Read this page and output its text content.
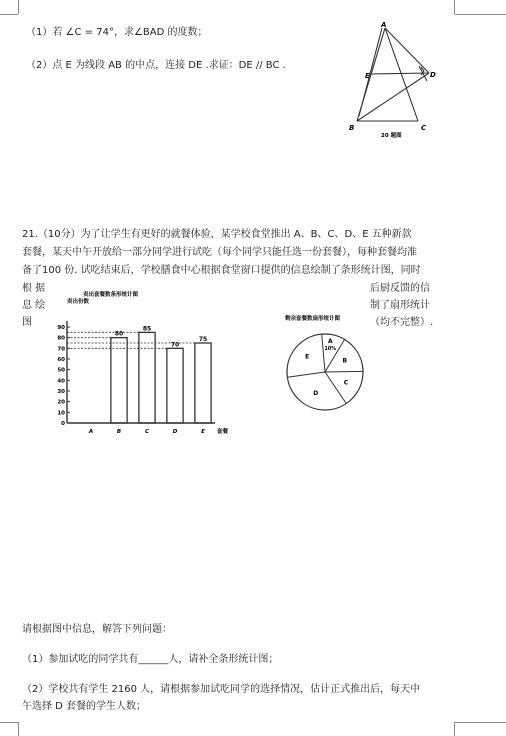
（1）若 ∠C = 74°，求∠BAD 的度数；
（2）点 E 为线段 AB 的中点，连接 DE .求证：DE // BC .
A
E	D
B	C
20 题图
21.（10分）为了让学生有更好的就餐体验，某学校食堂推出 A、B、C、D、E 五种新款
套餐，某天中午开放给一部分同学进行试吃（每个同学只能任选一份套餐），每种套餐均准
备了100 份. 试吃结束后，学校膳食中心根据食堂窗口提供的信息绘制了条形统计图，同时
根 据	后厨反馈的信
息 绘	制了扇形统计
图	（均不完整）.
卖出套餐数条形统计图
卖出份数
套餐
0
10
20
30
40
50
60
70
80
90
A	B
80
C
85
D
70
E
75
剩余套餐数扇形统计图
A
10%
B
C
D
E
请根据图中信息，解答下列问题：
（1）参加试吃的同学共有______人，请补全条形统计图；
（2）学校共有学生 2160 人，请根据参加试吃同学的选择情况，估计正式推出后，每天中
午选择 D 套餐的学生人数；
